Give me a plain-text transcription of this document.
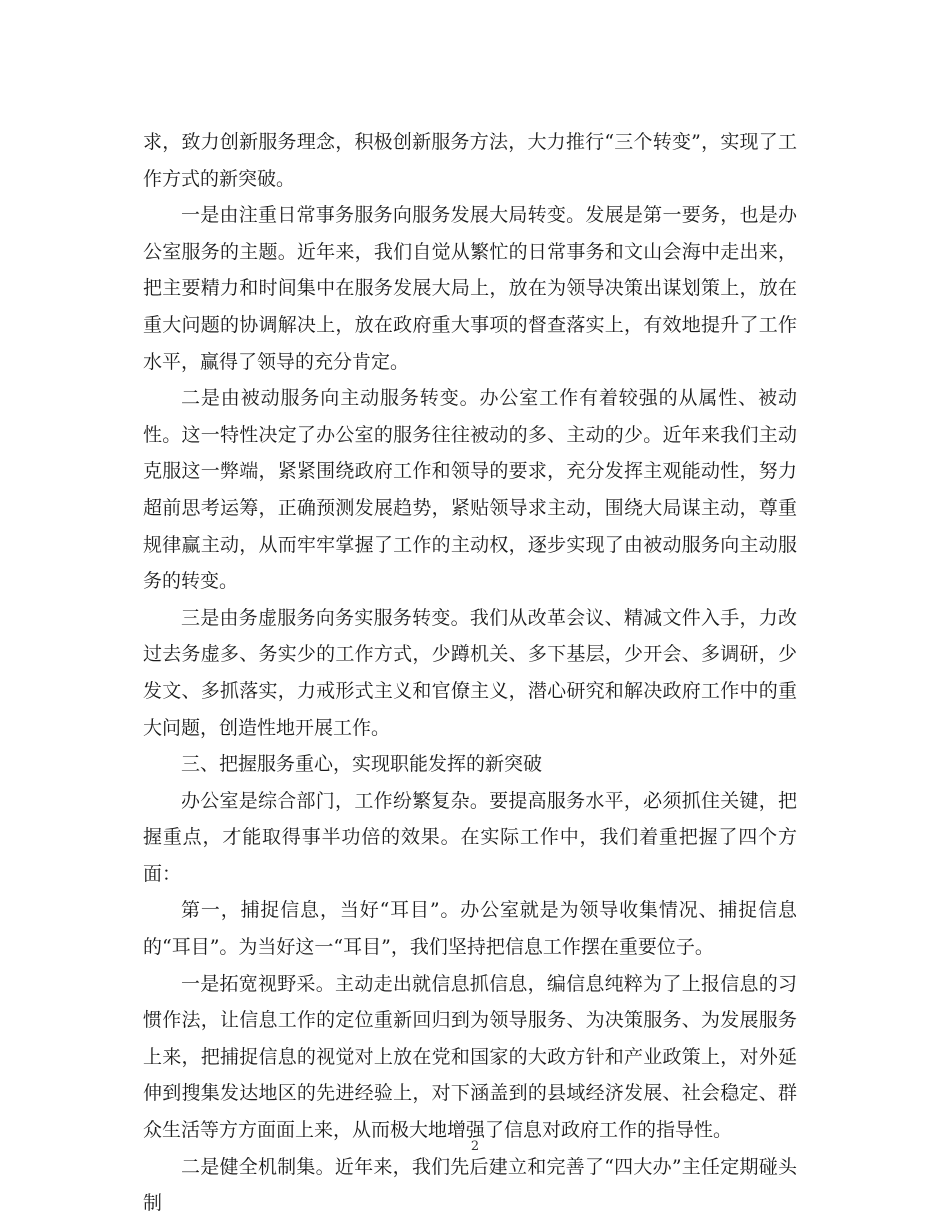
求，致力创新服务理念，积极创新服务方法，大力推行“三个转变”，实现了工作方式的新突破。

一是由注重日常事务服务向服务发展大局转变。发展是第一要务，也是办公室服务的主题。近年来，我们自觉从繁忙的日常事务和文山会海中走出来，把主要精力和时间集中在服务发展大局上，放在为领导决策出谋划策上，放在重大问题的协调解决上，放在政府重大事项的督查落实上，有效地提升了工作水平，赢得了领导的充分肯定。

二是由被动服务向主动服务转变。办公室工作有着较强的从属性、被动性。这一特性决定了办公室的服务往往被动的多、主动的少。近年来我们主动克服这一弊端，紧紧围绕政府工作和领导的要求，充分发挥主观能动性，努力超前思考运筹，正确预测发展趋势，紧贴领导求主动，围绕大局谋主动，尊重规律赢主动，从而牢牢掌握了工作的主动权，逐步实现了由被动服务向主动服务的转变。

三是由务虚服务向务实服务转变。我们从改革会议、精减文件入手，力改过去务虚多、务实少的工作方式，少蹲机关、多下基层，少开会、多调研，少发文、多抓落实，力戒形式主义和官僚主义，潜心研究和解决政府工作中的重大问题，创造性地开展工作。

三、把握服务重心，实现职能发挥的新突破

办公室是综合部门，工作纷繁复杂。要提高服务水平，必须抓住关键，把握重点，才能取得事半功倍的效果。在实际工作中，我们着重把握了四个方面：

第一，捕捉信息，当好“耳目”。办公室就是为领导收集情况、捕捉信息的“耳目”。为当好这一“耳目”，我们坚持把信息工作摆在重要位子。

一是拓宽视野采。主动走出就信息抓信息，编信息纯粹为了上报信息的习惯作法，让信息工作的定位重新回归到为领导服务、为决策服务、为发展服务上来，把捕捉信息的视觉对上放在党和国家的大政方针和产业政策上，对外延伸到搜集发达地区的先进经验上，对下涵盖到的县域经济发展、社会稳定、群众生活等方方面面上来，从而极大地增强了信息对政府工作的指导性。

二是健全机制集。近年来，我们先后建立和完善了“四大办”主任定期碰头制

2
